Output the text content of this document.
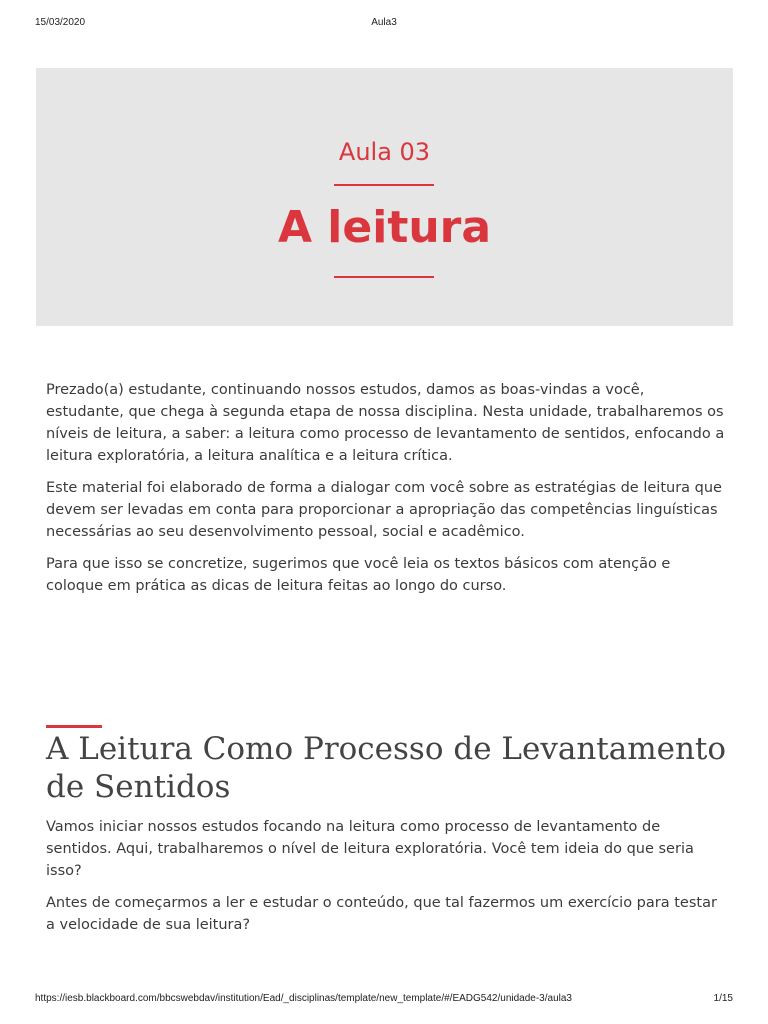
15/03/2020	Aula3
Aula 03
A leitura

Prezado(a) estudante, continuando nossos estudos, damos as boas-vindas a você, estudante, que chega à segunda etapa de nossa disciplina. Nesta unidade, trabalharemos os níveis de leitura, a saber: a leitura como processo de levantamento de sentidos, enfocando a leitura exploratória, a leitura analítica e a leitura crítica.

Este material foi elaborado de forma a dialogar com você sobre as estratégias de leitura que devem ser levadas em conta para proporcionar a apropriação das competências linguísticas necessárias ao seu desenvolvimento pessoal, social e acadêmico.

Para que isso se concretize, sugerimos que você leia os textos básicos com atenção e coloque em prática as dicas de leitura feitas ao longo do curso.

A Leitura Como Processo de Levantamento de Sentidos

Vamos iniciar nossos estudos focando na leitura como processo de levantamento de sentidos. Aqui, trabalharemos o nível de leitura exploratória. Você tem ideia do que seria isso?

Antes de começarmos a ler e estudar o conteúdo, que tal fazermos um exercício para testar a velocidade de sua leitura?

https://iesb.blackboard.com/bbcswebdav/institution/Ead/_disciplinas/template/new_template/#/EADG542/unidade-3/aula3	1/15
